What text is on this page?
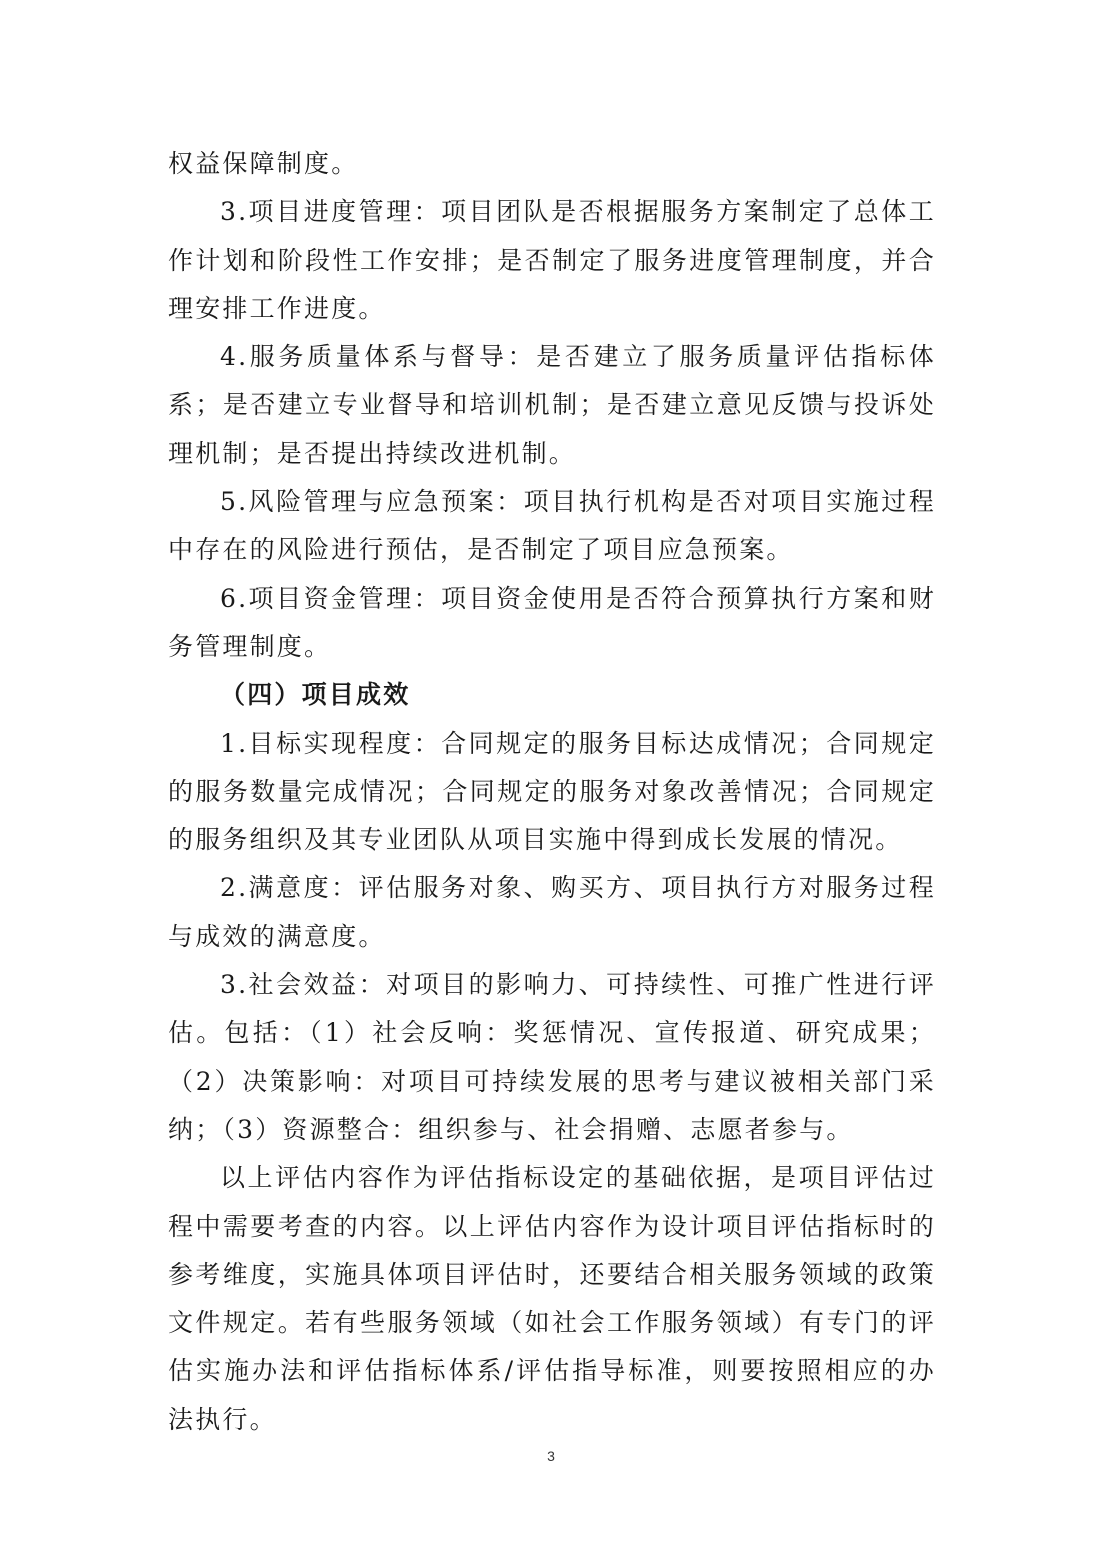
权益保障制度。

3.项目进度管理：项目团队是否根据服务方案制定了总体工作计划和阶段性工作安排；是否制定了服务进度管理制度，并合理安排工作进度。

4.服务质量体系与督导：是否建立了服务质量评估指标体系；是否建立专业督导和培训机制；是否建立意见反馈与投诉处理机制；是否提出持续改进机制。

5.风险管理与应急预案：项目执行机构是否对项目实施过程中存在的风险进行预估，是否制定了项目应急预案。

6.项目资金管理：项目资金使用是否符合预算执行方案和财务管理制度。

（四）项目成效

1.目标实现程度：合同规定的服务目标达成情况；合同规定的服务数量完成情况；合同规定的服务对象改善情况；合同规定的服务组织及其专业团队从项目实施中得到成长发展的情况。

2.满意度：评估服务对象、购买方、项目执行方对服务过程与成效的满意度。

3.社会效益：对项目的影响力、可持续性、可推广性进行评估。包括：（1）社会反响：奖惩情况、宣传报道、研究成果；（2）决策影响：对项目可持续发展的思考与建议被相关部门采纳；（3）资源整合：组织参与、社会捐赠、志愿者参与。

以上评估内容作为评估指标设定的基础依据，是项目评估过程中需要考查的内容。以上评估内容作为设计项目评估指标时的参考维度，实施具体项目评估时，还要结合相关服务领域的政策文件规定。若有些服务领域（如社会工作服务领域）有专门的评估实施办法和评估指标体系/评估指导标准，则要按照相应的办法执行。

3
